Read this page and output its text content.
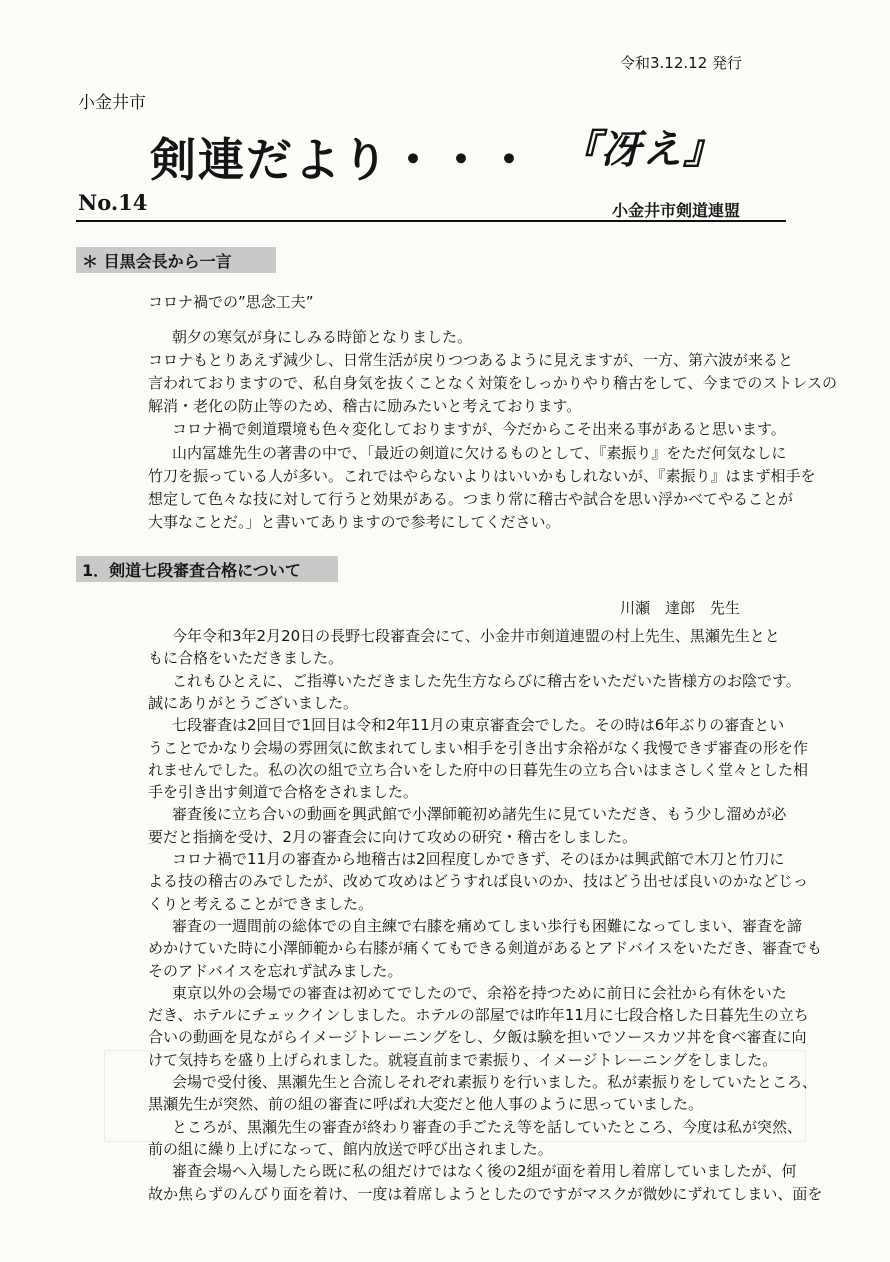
令和3.12.12 発行
小金井市
剣連だより・・・ 『冴え』
No.14	小金井市剣道連盟
＊ 目黒会長から一言
コロナ禍での”思念工夫”
朝夕の寒気が身にしみる時節となりました。
コロナもとりあえず減少し、日常生活が戻りつつあるように見えますが、一方、第六波が来ると
言われておりますので、私自身気を抜くことなく対策をしっかりやり稽古をして、今までのストレスの
解消・老化の防止等のため、稽古に励みたいと考えております。
コロナ禍で剣道環境も色々変化しておりますが、今だからこそ出来る事があると思います。
山内冨雄先生の著書の中で、「最近の剣道に欠けるものとして、『素振り』をただ何気なしに
竹刀を振っている人が多い。これではやらないよりはいいかもしれないが、『素振り』はまず相手を
想定して色々な技に対して行うと効果がある。つまり常に稽古や試合を思い浮かべてやることが
大事なことだ。」と書いてありますので参考にしてください。
1．剣道七段審査合格について
川瀬　達郎　先生
今年令和3年2月20日の長野七段審査会にて、小金井市剣道連盟の村上先生、黒瀬先生とと
もに合格をいただきました。
これもひとえに、ご指導いただきました先生方ならびに稽古をいただいた皆様方のお陰です。
誠にありがとうございました。
七段審査は2回目で1回目は令和2年11月の東京審査会でした。その時は6年ぶりの審査とい
うことでかなり会場の雰囲気に飲まれてしまい相手を引き出す余裕がなく我慢できず審査の形を作
れませんでした。私の次の組で立ち合いをした府中の日暮先生の立ち合いはまさしく堂々とした相
手を引き出す剣道で合格をされました。
審査後に立ち合いの動画を興武館で小澤師範初め諸先生に見ていただき、もう少し溜めが必
要だと指摘を受け、2月の審査会に向けて攻めの研究・稽古をしました。
コロナ禍で11月の審査から地稽古は2回程度しかできず、そのほかは興武館で木刀と竹刀に
よる技の稽古のみでしたが、改めて攻めはどうすれば良いのか、技はどう出せば良いのかなどじっ
くりと考えることができました。
審査の一週間前の総体での自主練で右膝を痛めてしまい歩行も困難になってしまい、審査を諦
めかけていた時に小澤師範から右膝が痛くてもできる剣道があるとアドバイスをいただき、審査でも
そのアドバイスを忘れず試みました。
東京以外の会場での審査は初めてでしたので、余裕を持つために前日に会社から有休をいた
だき、ホテルにチェックインしました。ホテルの部屋では昨年11月に七段合格した日暮先生の立ち
合いの動画を見ながらイメージトレーニングをし、夕飯は験を担いでソースカツ丼を食べ審査に向
けて気持ちを盛り上げられました。就寝直前まで素振り、イメージトレーニングをしました。
会場で受付後、黒瀬先生と合流しそれぞれ素振りを行いました。私が素振りをしていたところ、
黒瀬先生が突然、前の組の審査に呼ばれ大変だと他人事のように思っていました。
ところが、黒瀬先生の審査が終わり審査の手ごたえ等を話していたところ、今度は私が突然、
前の組に繰り上げになって、館内放送で呼び出されました。
審査会場へ入場したら既に私の組だけではなく後の2組が面を着用し着席していましたが、何
故か焦らずのんびり面を着け、一度は着席しようとしたのですがマスクが微妙にずれてしまい、面を
